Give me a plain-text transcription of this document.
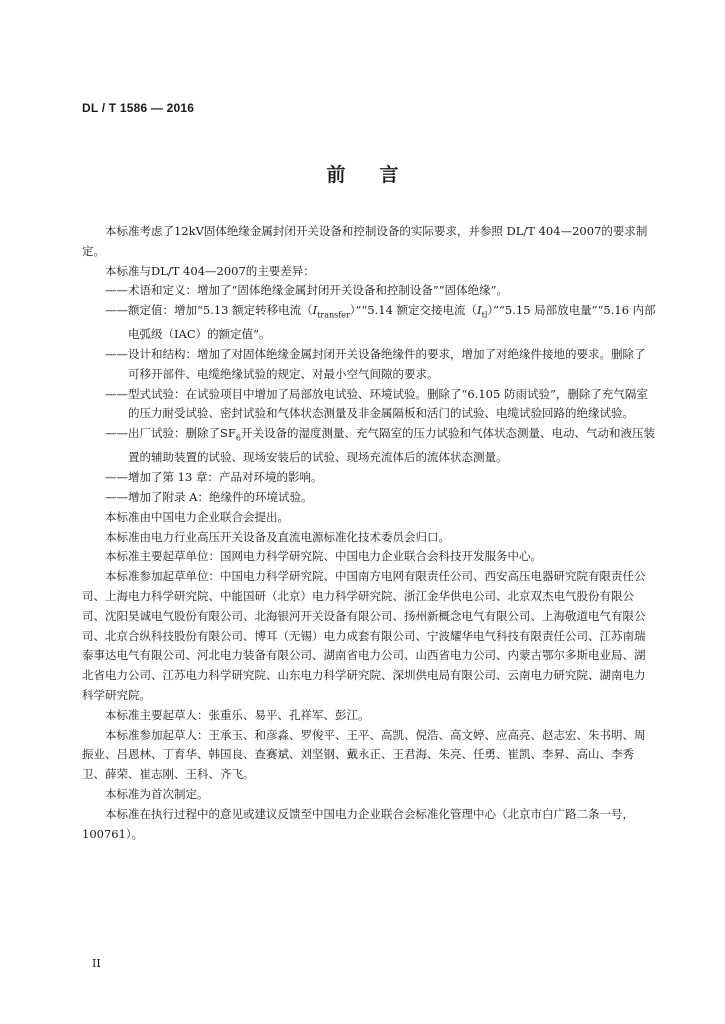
DL / T 1586 — 2016
前言

本标准考虑了12kV固体绝缘金属封闭开关设备和控制设备的实际要求，并参照 DL/T 404—2007的要求制定。

本标准与DL/T 404—2007的主要差异：

——术语和定义：增加了“固体绝缘金属封闭开关设备和控制设备”“固体绝缘”。

——额定值：增加“5.13 额定转移电流$(I_{transfer})”“5.14$ 额定交接电流$(I_{tl})”“5.15$ 局部放电量”“5.16 内部电弧级（IAC）的额定值”。

——设计和结构：增加了对固体绝缘金属封闭开关设备绝缘件的要求，增加了对绝缘件接地的要求。删除了可移开部件、电缆绝缘试验的规定、对最小空气间隙的要求。

——型式试验：在试验项目中增加了局部放电试验、环境试验。删除了“6.105 防雨试验”，删除了充气隔室的压力耐受试验、密封试验和气体状态测量及非金属隔板和活门的试验、电缆试验回路的绝缘试验。

——出厂试验：删除了$SF_6$开关设备的湿度测量、充气隔室的压力试验和气体状态测量、电动、气动和液压装置的辅助装置的试验、现场安装后的试验、现场充流体后的流体状态测量。

——增加了第 13 章：产品对环境的影响。

——增加了附录 A：绝缘件的环境试验。

本标准由中国电力企业联合会提出。

本标准由电力行业高压开关设备及直流电源标准化技术委员会归口。

本标准主要起草单位：国网电力科学研究院、中国电力企业联合会科技开发服务中心。

本标准参加起草单位：中国电力科学研究院、中国南方电网有限责任公司、西安高压电器研究院有限责任公司、上海电力科学研究院、中能国研（北京）电力科学研究院、浙江金华供电公司、北京双杰电气股份有限公司、沈阳昊诚电气股份有限公司、北海银河开关设备有限公司、扬州新概念电气有限公司、上海敬道电气有限公司、北京合纵科技股份有限公司、博耳（无锡）电力成套有限公司、宁波耀华电气科技有限责任公司、江苏南瑞泰事达电气有限公司、河北电力装备有限公司、湖南省电力公司、山西省电力公司、内蒙古鄂尔多斯电业局、湖北省电力公司、江苏电力科学研究院、山东电力科学研究院、深圳供电局有限公司、云南电力研究院、湖南电力科学研究院。

本标准主要起草人：张重乐、易平、孔祥军、彭江。

本标准参加起草人：王承玉、和彦淼、罗俊平、王平、高凯、倪浩、高文婷、应高亮、赵志宏、朱书明、周振业、吕恩林、丁育华、韩国良、查赛斌、刘坚钢、戴永正、王君海、朱亮、任勇、崔凯、李昇、高山、李秀卫、薛荣、崔志刚、王科、齐飞。

本标准为首次制定。

本标准在执行过程中的意见或建议反馈至中国电力企业联合会标准化管理中心（北京市白广路二条一号，100761）。

II
